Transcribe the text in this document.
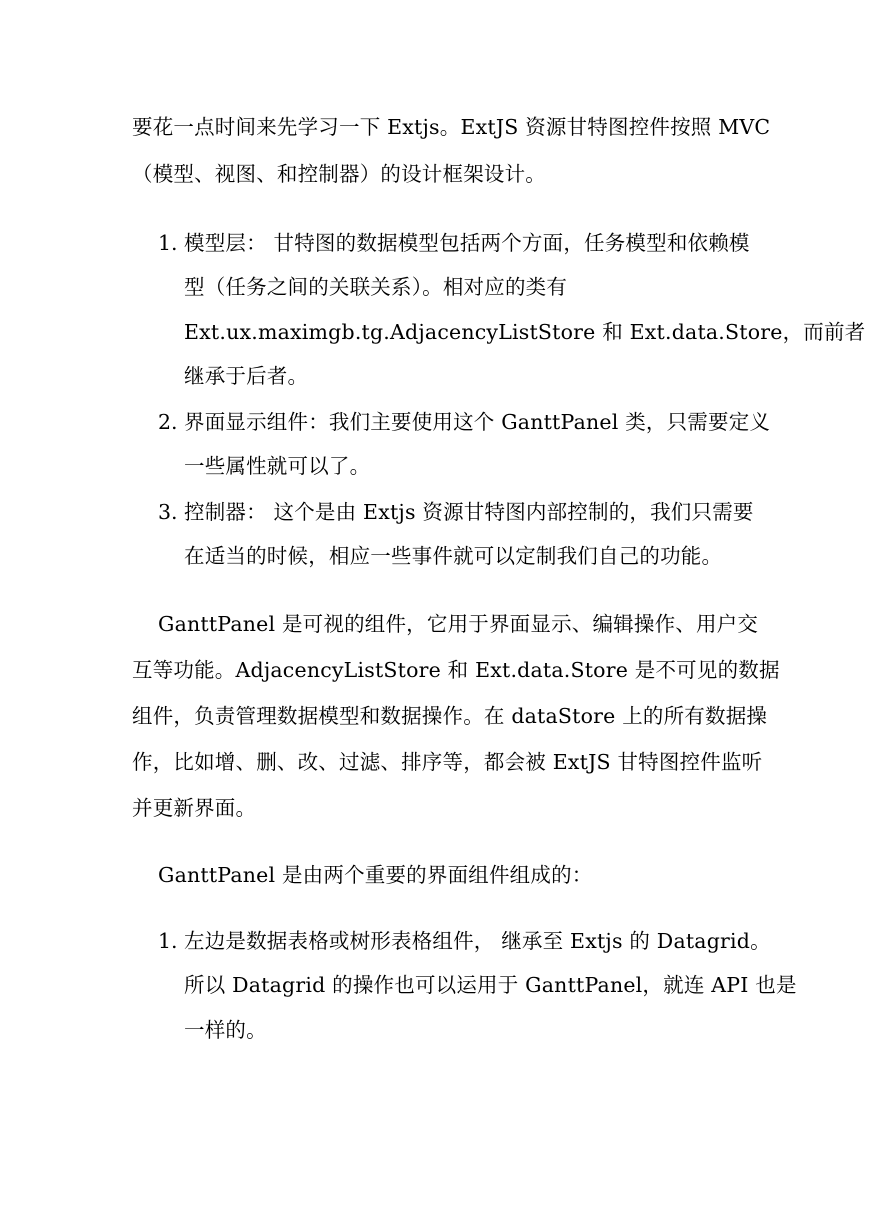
要花一点时间来先学习一下 Extjs。ExtJS 资源甘特图控件按照 MVC
（模型、视图、和控制器）的设计框架设计。
1. 模型层： 甘特图的数据模型包括两个方面，任务模型和依赖模
型（任务之间的关联关系）。相对应的类有
Ext.ux.maximgb.tg.AdjacencyListStore 和 Ext.data.Store，而前者
继承于后者。
2. 界面显示组件：我们主要使用这个 GanttPanel 类，只需要定义
一些属性就可以了。
3. 控制器： 这个是由 Extjs 资源甘特图内部控制的，我们只需要
在适当的时候，相应一些事件就可以定制我们自己的功能。
GanttPanel 是可视的组件，它用于界面显示、编辑操作、用户交
互等功能。AdjacencyListStore 和 Ext.data.Store 是不可见的数据
组件，负责管理数据模型和数据操作。在 dataStore 上的所有数据操
作，比如增、删、改、过滤、排序等，都会被 ExtJS 甘特图控件监听
并更新界面。
GanttPanel 是由两个重要的界面组件组成的：
1. 左边是数据表格或树形表格组件， 继承至 Extjs 的 Datagrid。
所以 Datagrid 的操作也可以运用于 GanttPanel，就连 API 也是
一样的。
